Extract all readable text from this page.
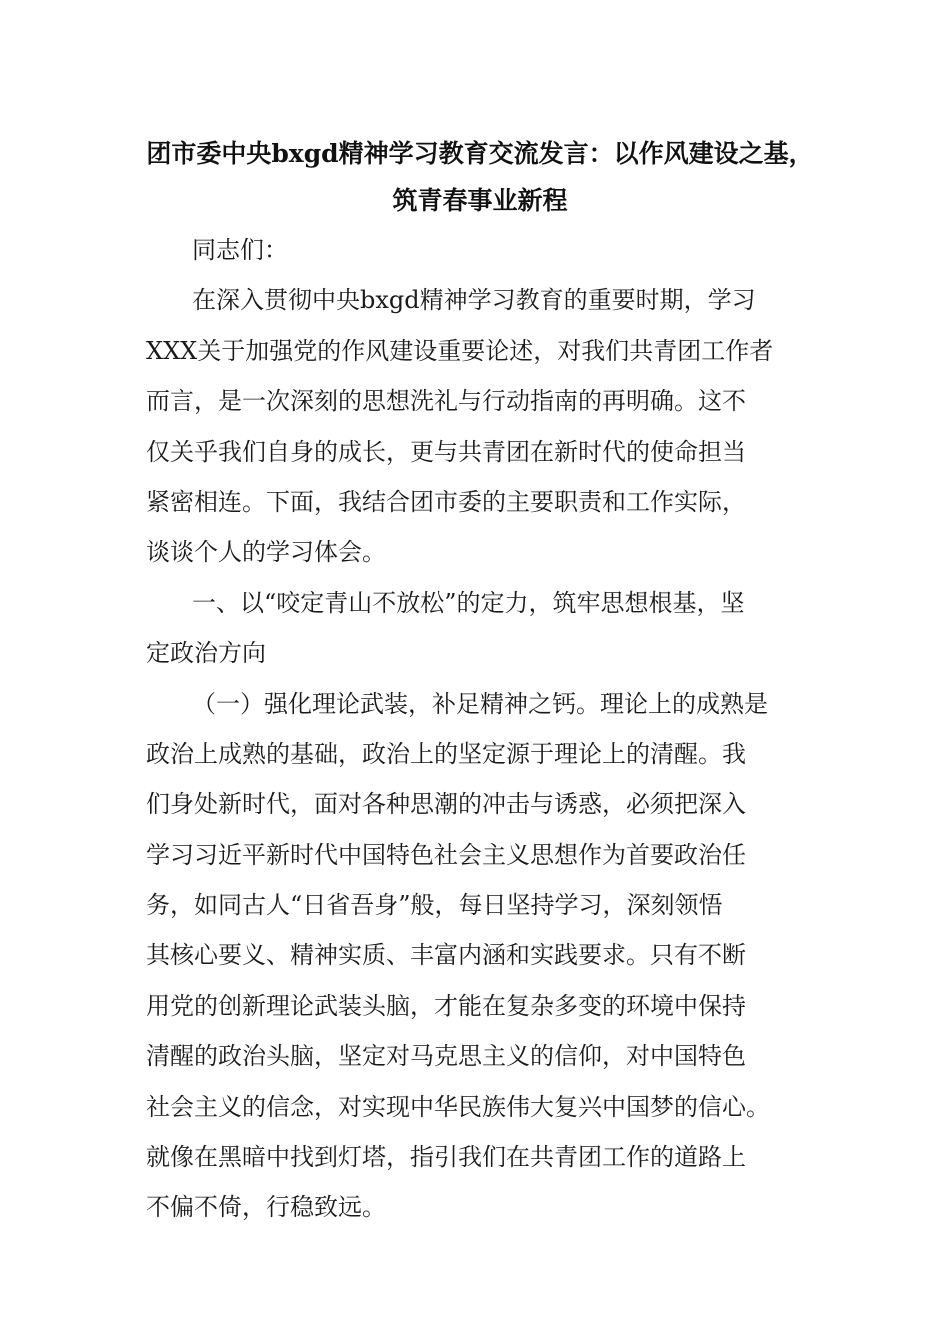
团市委中央bxgd精神学习教育交流发言：以作风建设之基，
筑青春事业新程
同志们：
在深入贯彻中央bxgd精神学习教育的重要时期，学习
XXX关于加强党的作风建设重要论述，对我们共青团工作者
而言，是一次深刻的思想洗礼与行动指南的再明确。这不
仅关乎我们自身的成长，更与共青团在新时代的使命担当
紧密相连。下面，我结合团市委的主要职责和工作实际，
谈谈个人的学习体会。
一、以“咬定青山不放松”的定力，筑牢思想根基，坚
定政治方向
（一）强化理论武装，补足精神之钙。理论上的成熟是
政治上成熟的基础，政治上的坚定源于理论上的清醒。我
们身处新时代，面对各种思潮的冲击与诱惑，必须把深入
学习习近平新时代中国特色社会主义思想作为首要政治任
务，如同古人“日省吾身”般，每日坚持学习，深刻领悟
其核心要义、精神实质、丰富内涵和实践要求。只有不断
用党的创新理论武装头脑，才能在复杂多变的环境中保持
清醒的政治头脑，坚定对马克思主义的信仰，对中国特色
社会主义的信念，对实现中华民族伟大复兴中国梦的信心。
就像在黑暗中找到灯塔，指引我们在共青团工作的道路上
不偏不倚，行稳致远。
